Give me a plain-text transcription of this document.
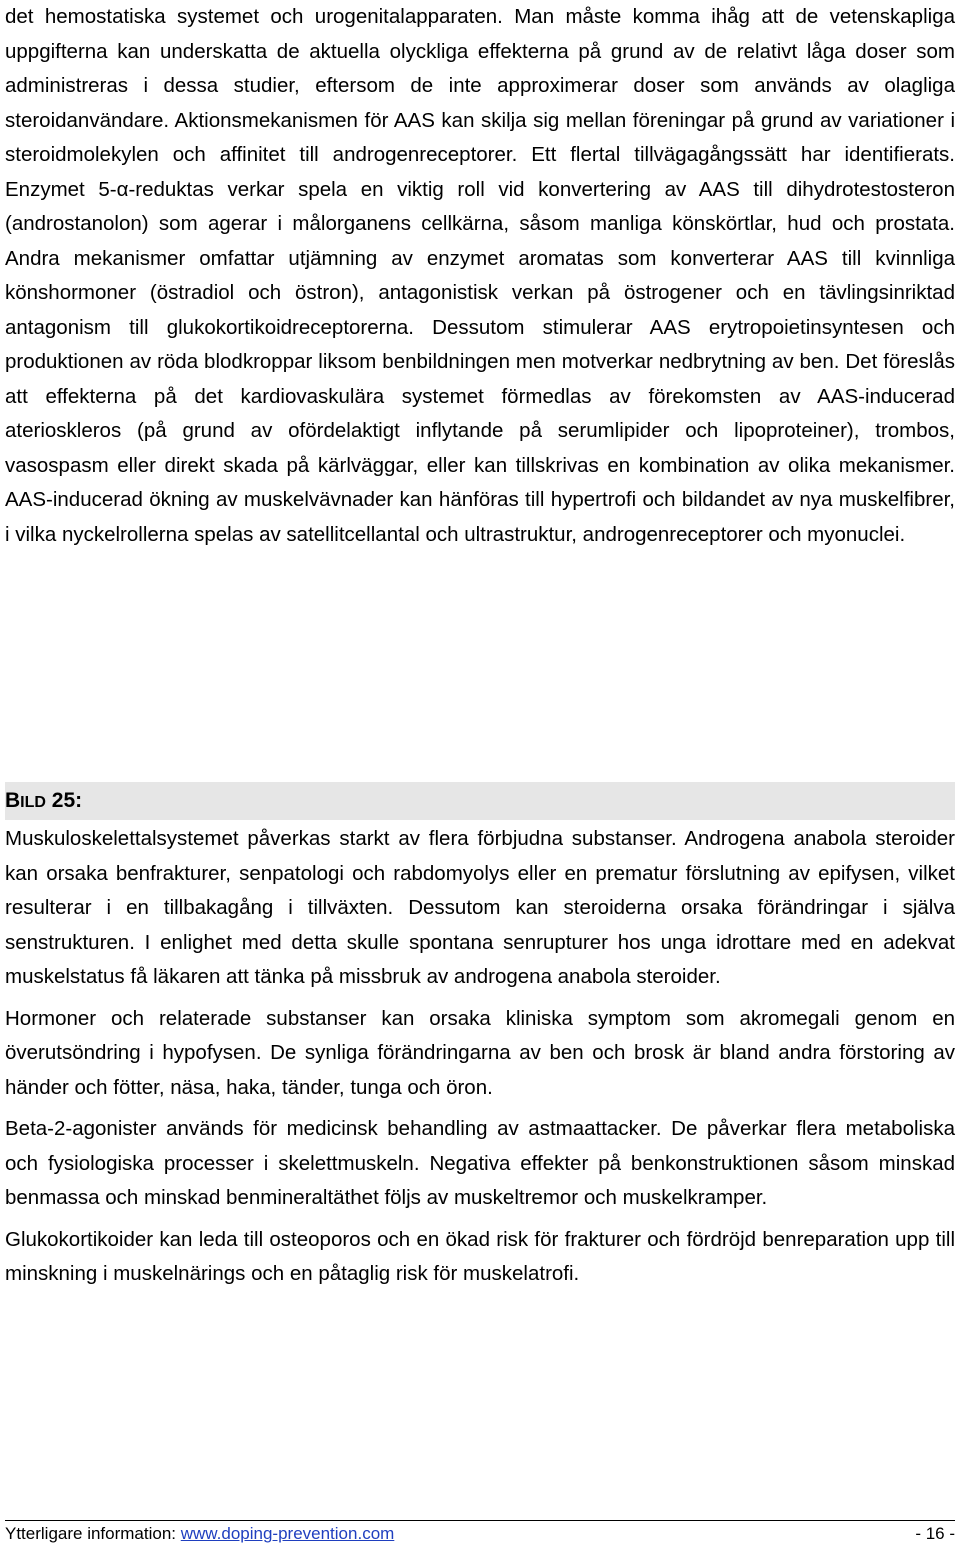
det hemostatiska systemet och urogenitalapparaten. Man måste komma ihåg att de vetenskapliga uppgifterna kan underskatta de aktuella olyckliga effekterna på grund av de relativt låga doser som administreras i dessa studier, eftersom de inte approximerar doser som används av olagliga steroidanvändare. Aktionsmekanismen för AAS kan skilja sig mellan föreningar på grund av variationer i steroidmolekylen och affinitet till androgenreceptorer. Ett flertal tillvägagångssätt har identifierats. Enzymet 5-α-reduktas verkar spela en viktig roll vid konvertering av AAS till dihydrotestosteron (androstanolon) som agerar i målorganens cellkärna, såsom manliga könskörtlar, hud och prostata. Andra mekanismer omfattar utjämning av enzymet aromatas som konverterar AAS till kvinnliga könshormoner (östradiol och östron), antagonistisk verkan på östrogener och en tävlingsinriktad antagonism till glukokortikoidreceptorerna. Dessutom stimulerar AAS erytropoietinsyntesen och produktionen av röda blodkroppar liksom benbildningen men motverkar nedbrytning av ben. Det föreslås att effekterna på det kardiovaskulära systemet förmedlas av förekomsten av AAS-inducerad aterioskleros (på grund av ofördelaktigt inflytande på serumlipider och lipoproteiner), trombos, vasospasm eller direkt skada på kärlväggar, eller kan tillskrivas en kombination av olika mekanismer. AAS-inducerad ökning av muskelvävnader kan hänföras till hypertrofi och bildandet av nya muskelfibrer, i vilka nyckelrollerna spelas av satellitcellantal och ultrastruktur, androgenreceptorer och myonuclei.

BILD 25:

Muskuloskelettalsystemet påverkas starkt av flera förbjudna substanser. Androgena anabola steroider kan orsaka benfrakturer, senpatologi och rabdomyolys eller en prematur förslutning av epifysen, vilket resulterar i en tillbakagång i tillväxten. Dessutom kan steroiderna orsaka förändringar i själva senstrukturen. I enlighet med detta skulle spontana senrupturer hos unga idrottare med en adekvat muskelstatus få läkaren att tänka på missbruk av androgena anabola steroider.

Hormoner och relaterade substanser kan orsaka kliniska symptom som akromegali genom en överutsöndring i hypofysen. De synliga förändringarna av ben och brosk är bland andra förstoring av händer och fötter, näsa, haka, tänder, tunga och öron.

Beta-2-agonister används för medicinsk behandling av astmaattacker. De påverkar flera metaboliska och fysiologiska processer i skelettmuskeln. Negativa effekter på benkonstruktionen såsom minskad benmassa och minskad benmineraltäthet följs av muskeltremor och muskelkramper.

Glukokortikoider kan leda till osteoporos och en ökad risk för frakturer och fördröjd benreparation upp till minskning i muskelnärings och en påtaglig risk för muskelatrofi.

Ytterligare information: www.doping-prevention.com	- 16 -
